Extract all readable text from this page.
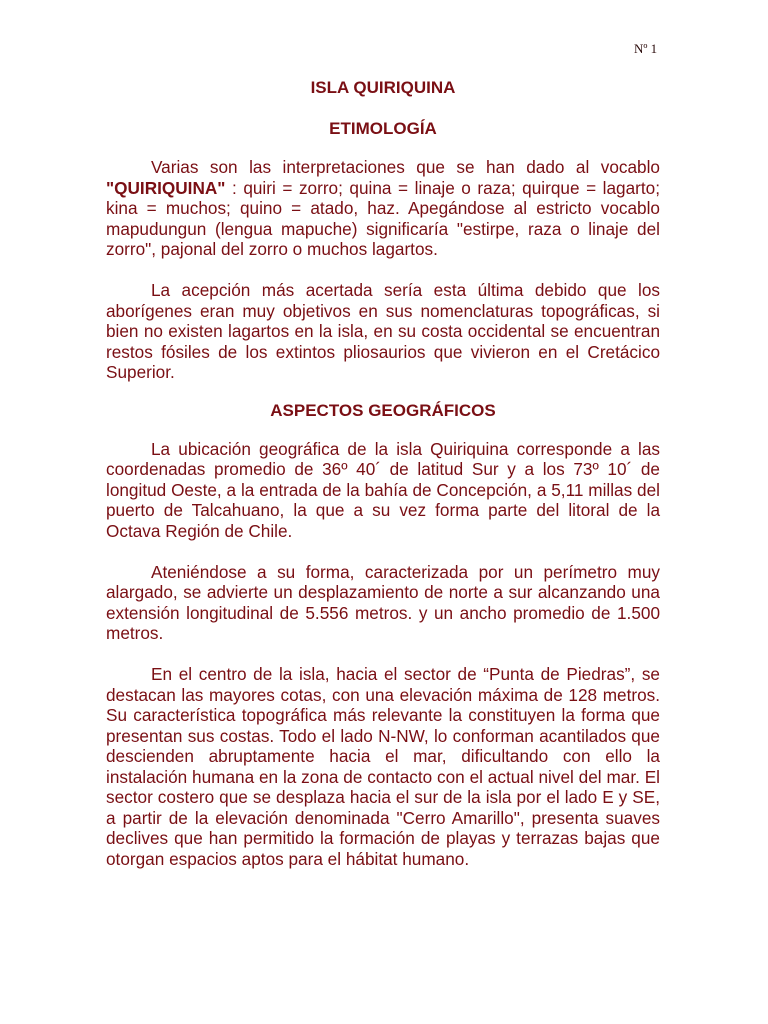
Nº 1
ISLA QUIRIQUINA
ETIMOLOGÍA

Varias son las interpretaciones que se han dado al vocablo "QUIRIQUINA" : quiri = zorro; quina = linaje o raza; quirque = lagarto; kina = muchos; quino = atado, haz. Apegándose al estricto vocablo mapudungun (lengua mapuche) significaría "estirpe, raza o linaje del zorro", pajonal del zorro o muchos lagartos.

La acepción más acertada sería esta última debido que los aborígenes eran muy objetivos en sus nomenclaturas topográficas, si bien no existen lagartos en la isla, en su costa occidental se encuentran restos fósiles de los extintos pliosaurios que vivieron en el Cretácico Superior.

ASPECTOS GEOGRÁFICOS

La ubicación geográfica de la isla Quiriquina corresponde a las coordenadas promedio de 36º 40´ de latitud Sur y a los 73º 10´ de longitud Oeste, a la entrada de la bahía de Concepción, a 5,11 millas del puerto de Talcahuano, la que a su vez forma parte del litoral de la Octava Región de Chile.

Ateniéndose a su forma, caracterizada por un perímetro muy alargado, se advierte un desplazamiento de norte a sur alcanzando una extensión longitudinal de 5.556 metros. y un ancho promedio de 1.500 metros.

En el centro de la isla, hacia el sector de “Punta de Piedras”, se destacan las mayores cotas, con una elevación máxima de 128 metros. Su característica topográfica más relevante la constituyen la forma que presentan sus costas. Todo el lado N-NW, lo conforman acantilados que descienden abruptamente hacia el mar, dificultando con ello la instalación humana en la zona de contacto con el actual nivel del mar. El sector costero que se desplaza hacia el sur de la isla por el lado E y SE, a partir de la elevación denominada "Cerro Amarillo", presenta suaves declives que han permitido la formación de playas y terrazas bajas que otorgan espacios aptos para el hábitat humano.
